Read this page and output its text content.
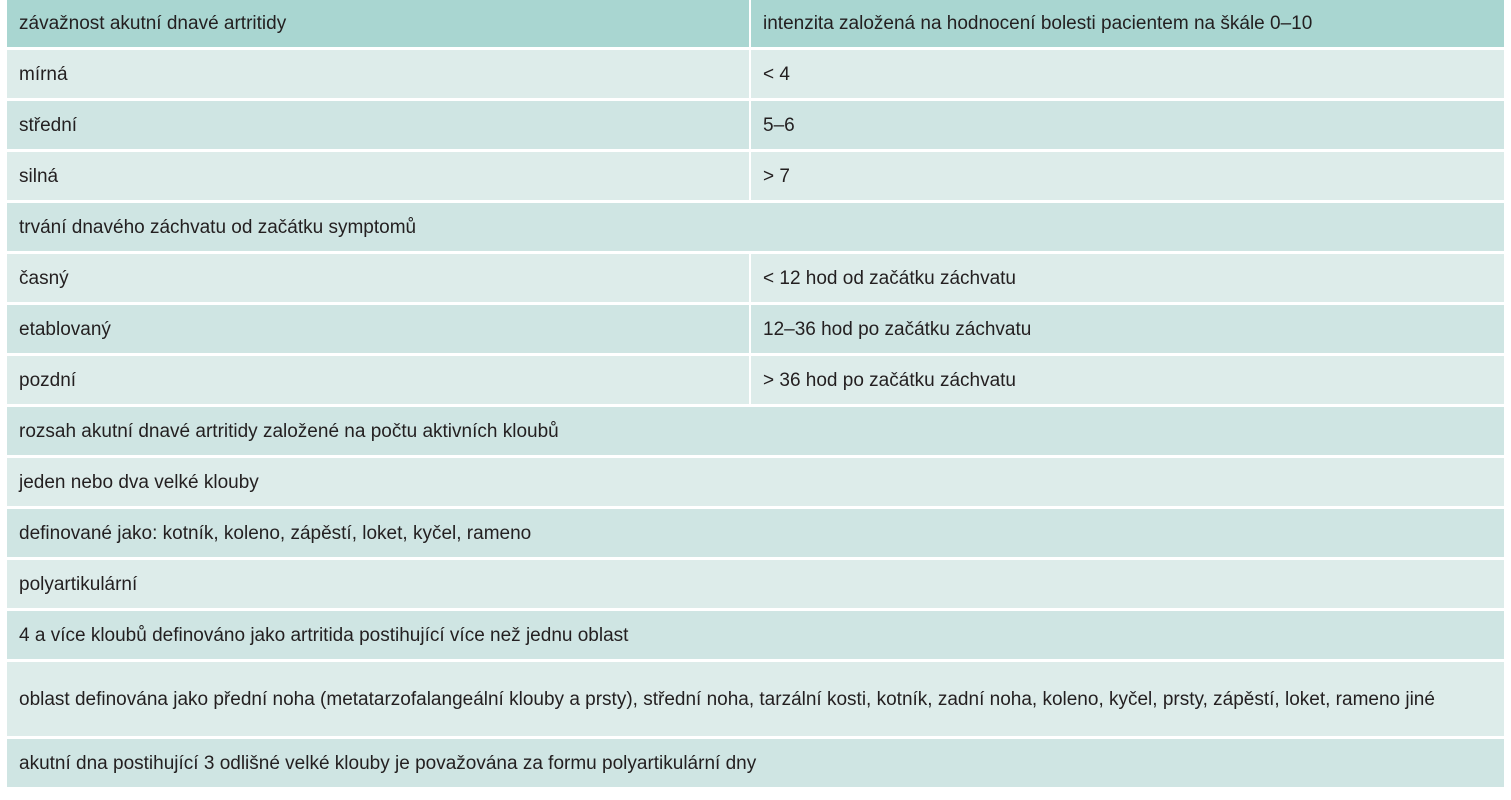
závažnost akutní dnavé artritidy	intenzita založená na hodnocení bolesti pacientem na škále 0–10
mírná	< 4
střední	5–6
silná	> 7
trvání dnavého záchvatu od začátku symptomů	
časný	< 12 hod od začátku záchvatu
etablovaný	12–36 hod po začátku záchvatu
pozdní	> 36 hod po začátku záchvatu
rozsah akutní dnavé artritidy založené na počtu aktivních kloubů	
jeden nebo dva velké klouby	
definované jako: kotník, koleno, zápěstí, loket, kyčel, rameno	
polyartikulární	
4 a více kloubů definováno jako artritida postihující více než jednu oblast	
oblast definována jako přední noha (metatarzofalangeální klouby a prsty), střední noha, tarzální kosti, kotník, zadní noha, koleno, kyčel, prsty, zápěstí, loket, rameno jiné	
akutní dna postihující 3 odlišné velké klouby je považována za formu polyartikulární dny	
